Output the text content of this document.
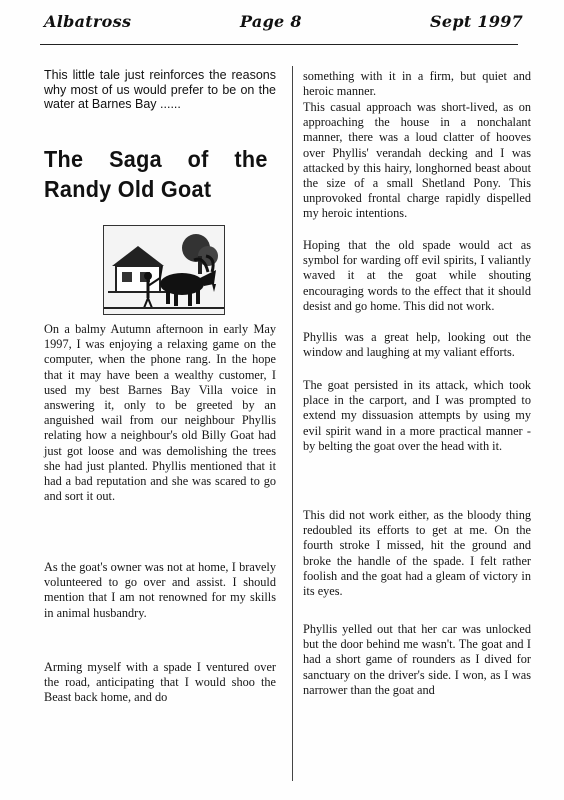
Albatross	Page 8	Sept 1997
This little tale just reinforces the reasons why most of us would prefer to be on the water at Barnes Bay ......
The Saga of the
Randy Old Goat

On a balmy Autumn afternoon in early May 1997, I was enjoying a relaxing game on the computer, when the phone rang. In the hope that it may have been a wealthy customer, I used my best Barnes Bay Villa voice in answering it, only to be greeted by an anguished wail from our neighbour Phyllis relating how a neighbour's old Billy Goat had just got loose and was demolishing the trees she had just planted. Phyllis mentioned that it had a bad reputation and she was scared to go and sort it out.

As the goat's owner was not at home, I bravely volunteered to go over and assist. I should mention that I am not renowned for my skills in animal husbandry.

Arming myself with a spade I ventured over the road, anticipating that I would shoo the Beast back home, and do

something with it in a firm, but quiet and heroic manner.

This casual approach was short-lived, as on approaching the house in a nonchalant manner, there was a loud clatter of hooves over Phyllis' verandah decking and I was attacked by this hairy, longhorned beast about the size of a small Shetland Pony. This unprovoked frontal charge rapidly dispelled my heroic intentions.

Hoping that the old spade would act as symbol for warding off evil spirits, I valiantly waved it at the goat while shouting encouraging words to the effect that it should desist and go home. This did not work.

Phyllis was a great help, looking out the window and laughing at my valiant efforts.

The goat persisted in its attack, which took place in the carport, and I was prompted to extend my dissuasion attempts by using my evil spirit wand in a more practical manner - by belting the goat over the head with it.

This did not work either, as the bloody thing redoubled its efforts to get at me. On the fourth stroke I missed, hit the ground and broke the handle of the spade. I felt rather foolish and the goat had a gleam of victory in its eyes.

Phyllis yelled out that her car was unlocked but the door behind me wasn't. The goat and I had a short game of rounders as I dived for sanctuary on the driver's side. I won, as I was narrower than the goat and
